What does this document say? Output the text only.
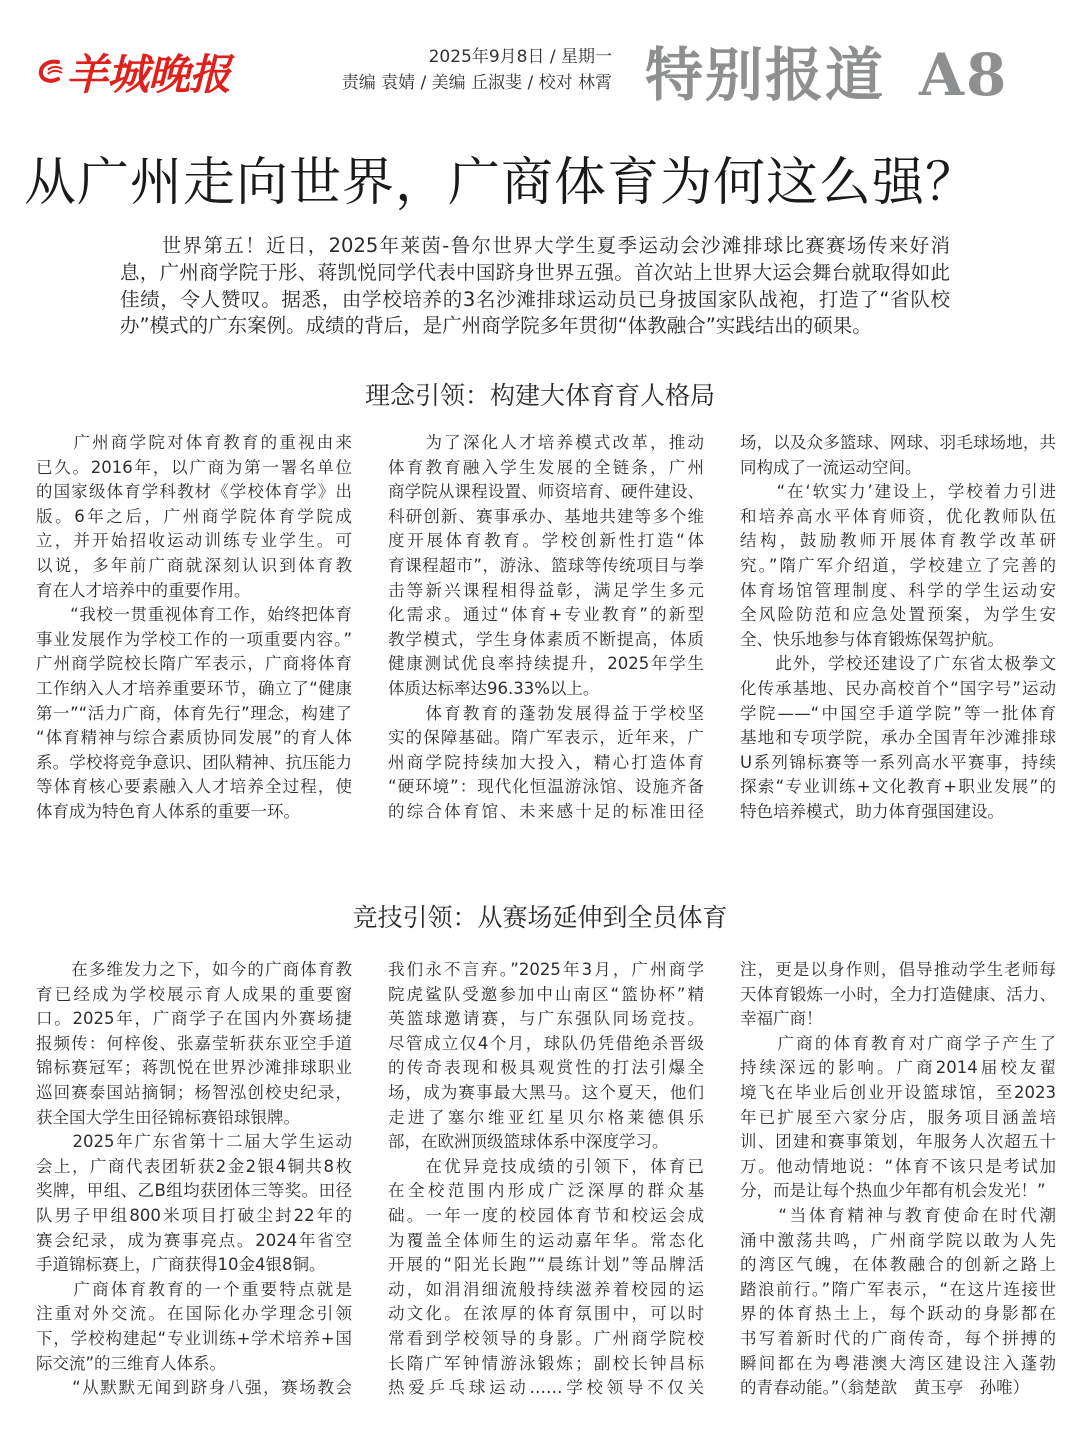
羊城晚报	2025年9月8日 / 星期一
责编 袁婧 / 美编 丘淑斐 / 校对 林霄 特别报道 A8
从广州走向世界，广商体育为何这么强？
　　世界第五！近日，2025年莱茵-鲁尔世界大学生夏季运动会沙滩排球比赛赛场传来好消
息，广州商学院于彤、蒋凯悦同学代表中国跻身世界五强。首次站上世界大运会舞台就取得如此
佳绩，令人赞叹。据悉，由学校培养的3名沙滩排球运动员已身披国家队战袍，打造了“省队校
办”模式的广东案例。成绩的背后，是广州商学院多年贯彻“体教融合”实践结出的硕果。
理念引领：构建大体育育人格局
　　广州商学院对体育教育的重视由来
已久。2016年，以广商为第一署名单位
的国家级体育学科教材《学校体育学》出
版。6年之后，广州商学院体育学院成
立，并开始招收运动训练专业学生。可
以说，多年前广商就深刻认识到体育教
育在人才培养中的重要作用。
　　“我校一贯重视体育工作，始终把体育
事业发展作为学校工作的一项重要内容。”
广州商学院校长隋广军表示，广商将体育
工作纳入人才培养重要环节，确立了“健康
第一”“活力广商，体育先行”理念，构建了
“体育精神与综合素质协同发展”的育人体
系。学校将竞争意识、团队精神、抗压能力
等体育核心要素融入人才培养全过程，使
体育成为特色育人体系的重要一环。
　　为了深化人才培养模式改革，推动
体育教育融入学生发展的全链条，广州
商学院从课程设置、师资培育、硬件建设、
科研创新、赛事承办、基地共建等多个维
度开展体育教育。学校创新性打造“体
育课程超市”，游泳、篮球等传统项目与拳
击等新兴课程相得益彰，满足学生多元
化需求。通过“体育+专业教育”的新型
教学模式，学生身体素质不断提高，体质
健康测试优良率持续提升，2025年学生
体质达标率达96.33%以上。
　　体育教育的蓬勃发展得益于学校坚
实的保障基础。隋广军表示，近年来，广
州商学院持续加大投入，精心打造体育
“硬环境”：现代化恒温游泳馆、设施齐备
的综合体育馆、未来感十足的标准田径
场，以及众多篮球、网球、羽毛球场地，共
同构成了一流运动空间。
　　“在‘软实力’建设上，学校着力引进
和培养高水平体育师资，优化教师队伍
结构，鼓励教师开展体育教学改革研
究。”隋广军介绍道，学校建立了完善的
体育场馆管理制度、科学的学生运动安
全风险防范和应急处置预案，为学生安
全、快乐地参与体育锻炼保驾护航。
　　此外，学校还建设了广东省太极拳文
化传承基地、民办高校首个“国字号”运动
学院——“中国空手道学院”等一批体育
基地和专项学院，承办全国青年沙滩排球
U系列锦标赛等一系列高水平赛事，持续
探索“专业训练+文化教育+职业发展”的
特色培养模式，助力体育强国建设。
竞技引领：从赛场延伸到全员体育
　　在多维发力之下，如今的广商体育教
育已经成为学校展示育人成果的重要窗
口。2025年，广商学子在国内外赛场捷
报频传：何梓俊、张嘉莹斩获东亚空手道
锦标赛冠军；蒋凯悦在世界沙滩排球职业
巡回赛泰国站摘铜；杨智泓创校史纪录，
获全国大学生田径锦标赛铅球银牌。
　　2025年广东省第十二届大学生运动
会上，广商代表团斩获2金2银4铜共8枚
奖牌，甲组、乙B组均获团体三等奖。田径
队男子甲组800米项目打破尘封22年的
赛会纪录，成为赛事亮点。2024年省空
手道锦标赛上，广商获得10金4银8铜。
　　广商体育教育的一个重要特点就是
注重对外交流。在国际化办学理念引领
下，学校构建起“专业训练+学术培养+国
际交流”的三维育人体系。
　　“从默默无闻到跻身八强，赛场教会
我们永不言弃。”2025年3月，广州商学
院虎鲨队受邀参加中山南区“篮协杯”精
英篮球邀请赛，与广东强队同场竞技。
尽管成立仅4个月，球队仍凭借绝杀晋级
的传奇表现和极具观赏性的打法引爆全
场，成为赛事最大黑马。这个夏天，他们
走进了塞尔维亚红星贝尔格莱德俱乐
部，在欧洲顶级篮球体系中深度学习。
　　在优异竞技成绩的引领下，体育已
在全校范围内形成广泛深厚的群众基
础。一年一度的校园体育节和校运会成
为覆盖全体师生的运动嘉年华。常态化
开展的“阳光长跑”“晨练计划”等品牌活
动，如涓涓细流般持续滋养着校园的运
动文化。在浓厚的体育氛围中，可以时
常看到学校领导的身影。广州商学院校
长隋广军钟情游泳锻炼；副校长钟昌标
热爱乒乓球运动……学校领导不仅关
注，更是以身作则，倡导推动学生老师每
天体育锻炼一小时，全力打造健康、活力、
幸福广商！
　　广商的体育教育对广商学子产生了
持续深远的影响。广商2014届校友翟
境飞在毕业后创业开设篮球馆，至2023
年已扩展至六家分店，服务项目涵盖培
训、团建和赛事策划，年服务人次超五十
万。他动情地说：“体育不该只是考试加
分，而是让每个热血少年都有机会发光！”
　　“当体育精神与教育使命在时代潮
涌中激荡共鸣，广州商学院以敢为人先
的湾区气魄，在体教融合的创新之路上
踏浪前行。”隋广军表示，“在这片连接世
界的体育热土上，每个跃动的身影都在
书写着新时代的广商传奇，每个拼搏的
瞬间都在为粤港澳大湾区建设注入蓬勃
的青春动能。”（翁楚歆　黄玉亭　孙唯）
